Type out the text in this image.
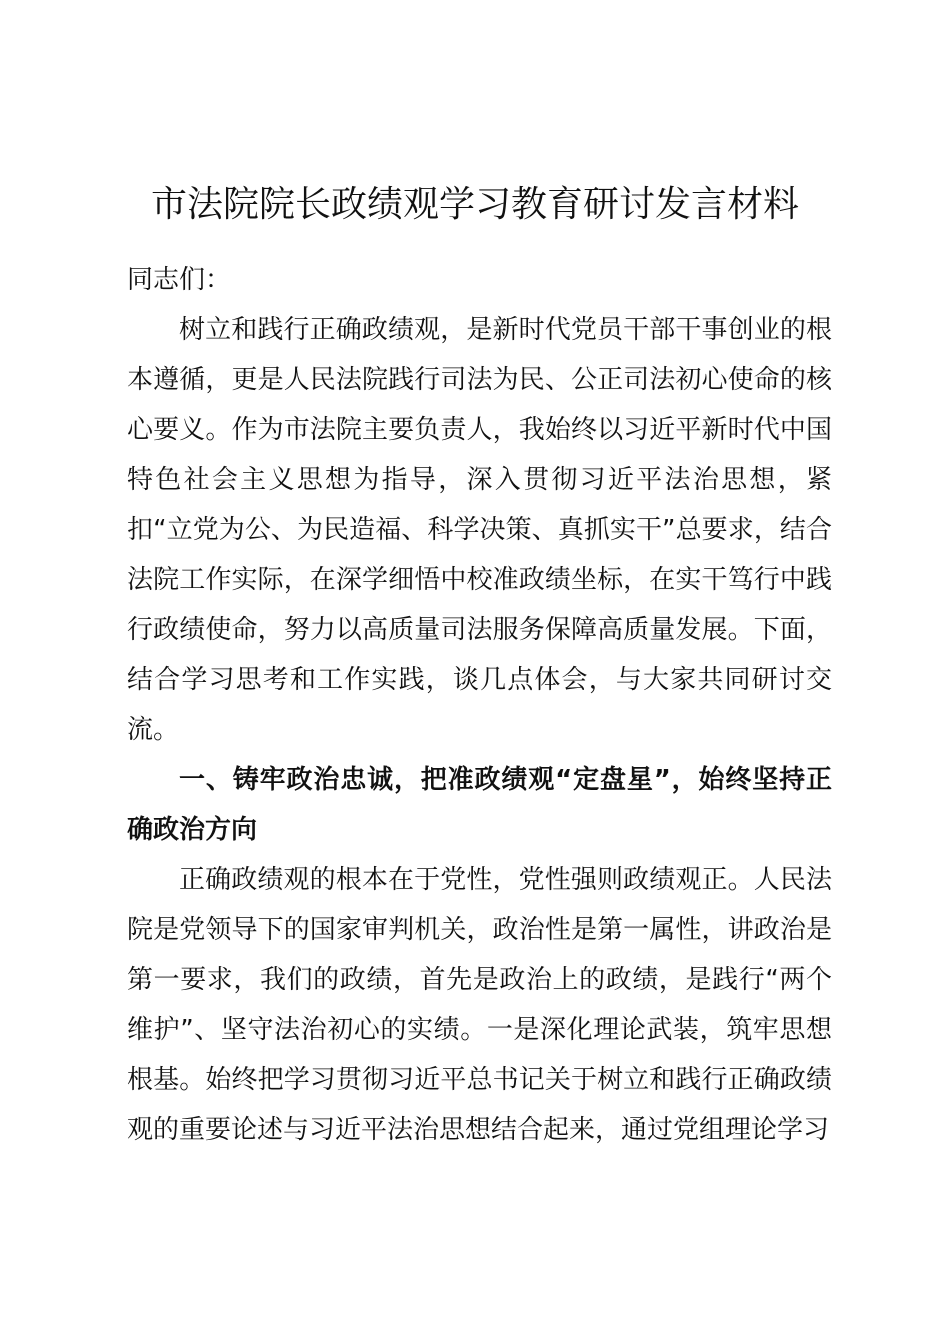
市法院院长政绩观学习教育研讨发言材料
同志们：

树立和践行正确政绩观，是新时代党员干部干事创业的根本遵循，更是人民法院践行司法为民、公正司法初心使命的核心要义。作为市法院主要负责人，我始终以习近平新时代中国特色社会主义思想为指导，深入贯彻习近平法治思想，紧扣“立党为公、为民造福、科学决策、真抓实干”总要求，结合法院工作实际，在深学细悟中校准政绩坐标，在实干笃行中践行政绩使命，努力以高质量司法服务保障高质量发展。下面，结合学习思考和工作实践，谈几点体会，与大家共同研讨交流。

一、铸牢政治忠诚，把准政绩观“定盘星”，始终坚持正确政治方向

正确政绩观的根本在于党性，党性强则政绩观正。人民法院是党领导下的国家审判机关，政治性是第一属性，讲政治是第一要求，我们的政绩，首先是政治上的政绩，是践行“两个维护”、坚守法治初心的实绩。一是深化理论武装，筑牢思想根基。始终把学习贯彻习近平总书记关于树立和践行正确政绩观的重要论述与习近平法治思想结合起来，通过党组理论学习
